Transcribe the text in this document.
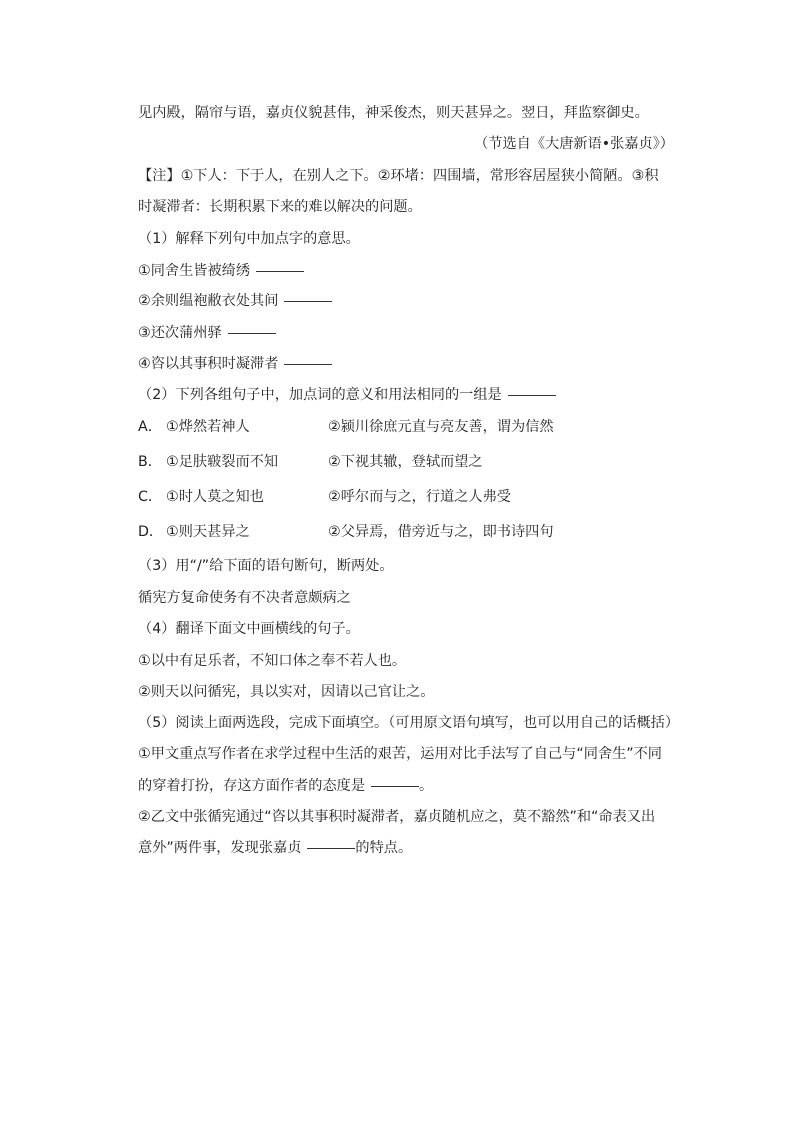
见内殿，隔帘与语，嘉贞仪貌甚伟，神采俊杰，则天甚异之。翌日，拜监察御史。
（节选自《大唐新语•张嘉贞》）
【注】①下人：下于人，在别人之下。②环堵：四围墙，常形容居屋狭小简陋。③积
时凝滞者：长期积累下来的难以解决的问题。
（1）解释下列句中加点字的意思。
①同舍生皆被绮绣
②余则缊袍敝衣处其间
③还次蒲州驿
④咨以其事积时凝滞者
（2）下列各组句子中，加点词的意义和用法相同的一组是
A． ①烨然若神人	②颍川徐庶元直与亮友善，谓为信然
B． ①足肤皲裂而不知	②下视其辙，登轼而望之
C． ①时人莫之知也	②呼尔而与之，行道之人弗受
D． ①则天甚异之	②父异焉，借旁近与之，即书诗四句
（3）用“/”给下面的语句断句，断两处。
循宪方复命使务有不决者意颇病之
（4）翻译下面文中画横线的句子。
①以中有足乐者，不知口体之奉不若人也。
②则天以问循宪，具以实对，因请以己官让之。
（5）阅读上面两选段，完成下面填空。（可用原文语句填写，也可以用自己的话概括）
①甲文重点写作者在求学过程中生活的艰苦，运用对比手法写了自己与“同舍生”不同
的穿着打扮，存这方面作者的态度是	。
②乙文中张循宪通过“咨以其事积时凝滞者，嘉贞随机应之，莫不豁然”和“命表又出
意外”两件事，发现张嘉贞	的特点。
